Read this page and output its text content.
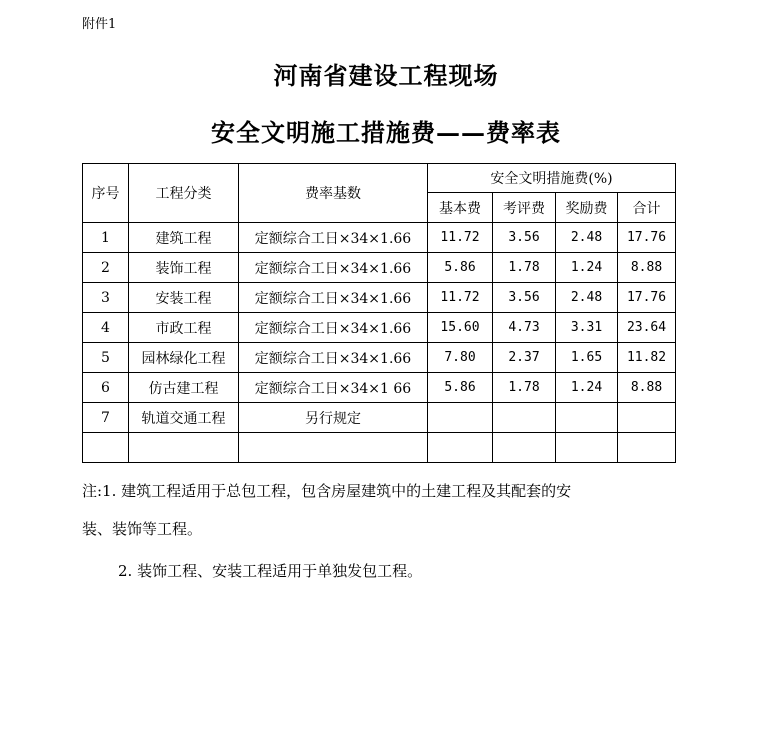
附件1
河南省建设工程现场
安全文明施工措施费——费率表
序号	工程分类	费率基数	安全文明措施费(%)			
			基本费	考评费	奖励费	合计
1	建筑工程	定额综合工日×34×1.66	11.72	3.56	2.48	17.76
2	装饰工程	定额综合工日×34×1.66	5.86	1.78	1.24	8.88
3	安装工程	定额综合工日×34×1.66	11.72	3.56	2.48	17.76
4	市政工程	定额综合工日×34×1.66	15.60	4.73	3.31	23.64
5	园林绿化工程	定额综合工日×34×1.66	7.80	2.37	1.65	11.82
6	仿古建工程	定额综合工日×34×1 66	5.86	1.78	1.24	8.88
7	轨道交通工程	另行规定				

注:1. 建筑工程适用于总包工程，包含房屋建筑中的土建工程及其配套的安
装、装饰等工程。
2. 装饰工程、安装工程适用于单独发包工程。
